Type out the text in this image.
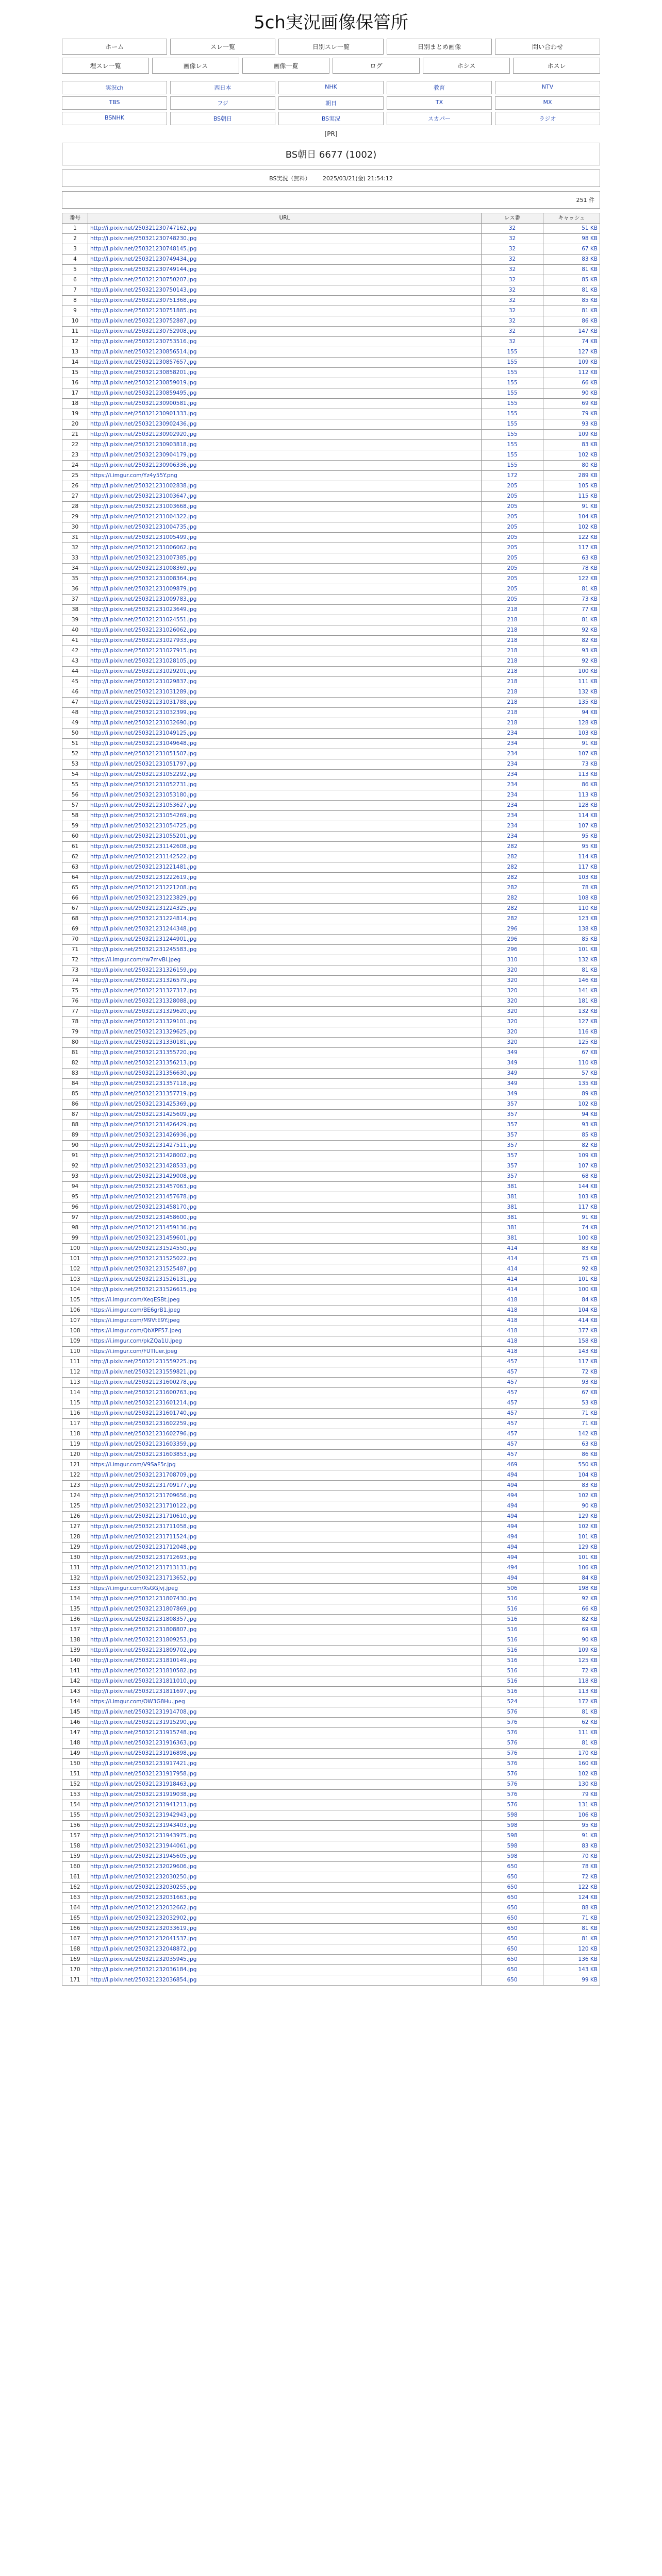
5ch実況画像保管所
ホーム	スレ一覧	日別スレ一覧	日別まとめ画像	問い合わせ
埋スレ一覧	画像レス	画像一覧	ログ	ホシス	ホスレ
実況ch	西日本	NHK	教育	NTV
TBS	フジ	朝日	TX	MX
BSNHK	BS朝日	BS実況	スカパー	ラジオ
[PR]
BS朝日 6677 (1002)
BS実況（無料） 2025/03/21(金) 21:54:12
251 件
番号	URL	レス番	キャッシュ
1	http://i.pixiv.net/250321230747162.jpg	32	51 KB
2	http://i.pixiv.net/250321230748230.jpg	32	98 KB
3	http://i.pixiv.net/250321230748145.jpg	32	67 KB
4	http://i.pixiv.net/250321230749434.jpg	32	83 KB
5	http://i.pixiv.net/250321230749144.jpg	32	81 KB
6	http://i.pixiv.net/250321230750207.jpg	32	85 KB
7	http://i.pixiv.net/250321230750143.jpg	32	81 KB
8	http://i.pixiv.net/250321230751368.jpg	32	85 KB
9	http://i.pixiv.net/250321230751885.jpg	32	81 KB
10	http://i.pixiv.net/250321230752887.jpg	32	86 KB
11	http://i.pixiv.net/250321230752908.jpg	32	147 KB
12	http://i.pixiv.net/250321230753516.jpg	32	74 KB
13	http://i.pixiv.net/250321230856514.jpg	155	127 KB
14	http://i.pixiv.net/250321230857657.jpg	155	109 KB
15	http://i.pixiv.net/250321230858201.jpg	155	112 KB
16	http://i.pixiv.net/250321230859019.jpg	155	66 KB
17	http://i.pixiv.net/250321230859495.jpg	155	90 KB
18	http://i.pixiv.net/250321230900581.jpg	155	69 KB
19	http://i.pixiv.net/250321230901333.jpg	155	79 KB
20	http://i.pixiv.net/250321230902436.jpg	155	93 KB
21	http://i.pixiv.net/250321230902920.jpg	155	109 KB
22	http://i.pixiv.net/250321230903818.jpg	155	83 KB
23	http://i.pixiv.net/250321230904179.jpg	155	102 KB
24	http://i.pixiv.net/250321230906336.jpg	155	80 KB
25	https://i.imgur.com/Yz4y55Y.png	172	289 KB
26	http://i.pixiv.net/250321231002838.jpg	205	105 KB
27	http://i.pixiv.net/250321231003647.jpg	205	115 KB
28	http://i.pixiv.net/250321231003668.jpg	205	91 KB
29	http://i.pixiv.net/250321231004322.jpg	205	104 KB
30	http://i.pixiv.net/250321231004735.jpg	205	102 KB
31	http://i.pixiv.net/250321231005499.jpg	205	122 KB
32	http://i.pixiv.net/250321231006062.jpg	205	117 KB
33	http://i.pixiv.net/250321231007385.jpg	205	63 KB
34	http://i.pixiv.net/250321231008369.jpg	205	78 KB
35	http://i.pixiv.net/250321231008364.jpg	205	122 KB
36	http://i.pixiv.net/250321231009879.jpg	205	81 KB
37	http://i.pixiv.net/250321231009783.jpg	205	73 KB
38	http://i.pixiv.net/250321231023649.jpg	218	77 KB
39	http://i.pixiv.net/250321231024551.jpg	218	81 KB
40	http://i.pixiv.net/250321231026062.jpg	218	92 KB
41	http://i.pixiv.net/250321231027933.jpg	218	82 KB
42	http://i.pixiv.net/250321231027915.jpg	218	93 KB
43	http://i.pixiv.net/250321231028105.jpg	218	92 KB
44	http://i.pixiv.net/250321231029201.jpg	218	100 KB
45	http://i.pixiv.net/250321231029837.jpg	218	111 KB
46	http://i.pixiv.net/250321231031289.jpg	218	132 KB
47	http://i.pixiv.net/250321231031788.jpg	218	135 KB
48	http://i.pixiv.net/250321231032399.jpg	218	94 KB
49	http://i.pixiv.net/250321231032690.jpg	218	128 KB
50	http://i.pixiv.net/250321231049125.jpg	234	103 KB
51	http://i.pixiv.net/250321231049648.jpg	234	91 KB
52	http://i.pixiv.net/250321231051507.jpg	234	107 KB
53	http://i.pixiv.net/250321231051797.jpg	234	73 KB
54	http://i.pixiv.net/250321231052292.jpg	234	113 KB
55	http://i.pixiv.net/250321231052731.jpg	234	86 KB
56	http://i.pixiv.net/250321231053180.jpg	234	113 KB
57	http://i.pixiv.net/250321231053627.jpg	234	128 KB
58	http://i.pixiv.net/250321231054269.jpg	234	114 KB
59	http://i.pixiv.net/250321231054725.jpg	234	107 KB
60	http://i.pixiv.net/250321231055201.jpg	234	95 KB
61	http://i.pixiv.net/250321231142608.jpg	282	95 KB
62	http://i.pixiv.net/250321231142522.jpg	282	114 KB
63	http://i.pixiv.net/250321231221481.jpg	282	117 KB
64	http://i.pixiv.net/250321231222619.jpg	282	103 KB
65	http://i.pixiv.net/250321231221208.jpg	282	78 KB
66	http://i.pixiv.net/250321231223829.jpg	282	108 KB
67	http://i.pixiv.net/250321231224325.jpg	282	110 KB
68	http://i.pixiv.net/250321231224814.jpg	282	123 KB
69	http://i.pixiv.net/250321231244348.jpg	296	138 KB
70	http://i.pixiv.net/250321231244901.jpg	296	85 KB
71	http://i.pixiv.net/250321231245583.jpg	296	101 KB
72	https://i.imgur.com/rw7mvBl.jpeg	310	132 KB
73	http://i.pixiv.net/250321231326159.jpg	320	81 KB
74	http://i.pixiv.net/250321231326579.jpg	320	146 KB
75	http://i.pixiv.net/250321231327317.jpg	320	141 KB
76	http://i.pixiv.net/250321231328088.jpg	320	181 KB
77	http://i.pixiv.net/250321231329620.jpg	320	132 KB
78	http://i.pixiv.net/250321231329101.jpg	320	127 KB
79	http://i.pixiv.net/250321231329625.jpg	320	116 KB
80	http://i.pixiv.net/250321231330181.jpg	320	125 KB
81	http://i.pixiv.net/250321231355720.jpg	349	67 KB
82	http://i.pixiv.net/250321231356213.jpg	349	110 KB
83	http://i.pixiv.net/250321231356630.jpg	349	57 KB
84	http://i.pixiv.net/250321231357118.jpg	349	135 KB
85	http://i.pixiv.net/250321231357719.jpg	349	89 KB
86	http://i.pixiv.net/250321231425369.jpg	357	102 KB
87	http://i.pixiv.net/250321231425609.jpg	357	94 KB
88	http://i.pixiv.net/250321231426429.jpg	357	93 KB
89	http://i.pixiv.net/250321231426936.jpg	357	85 KB
90	http://i.pixiv.net/250321231427511.jpg	357	82 KB
91	http://i.pixiv.net/250321231428002.jpg	357	109 KB
92	http://i.pixiv.net/250321231428533.jpg	357	107 KB
93	http://i.pixiv.net/250321231429008.jpg	357	68 KB
94	http://i.pixiv.net/250321231457063.jpg	381	144 KB
95	http://i.pixiv.net/250321231457678.jpg	381	103 KB
96	http://i.pixiv.net/250321231458170.jpg	381	117 KB
97	http://i.pixiv.net/250321231458600.jpg	381	91 KB
98	http://i.pixiv.net/250321231459136.jpg	381	74 KB
99	http://i.pixiv.net/250321231459601.jpg	381	100 KB
100	http://i.pixiv.net/250321231524550.jpg	414	83 KB
101	http://i.pixiv.net/250321231525022.jpg	414	75 KB
102	http://i.pixiv.net/250321231525487.jpg	414	92 KB
103	http://i.pixiv.net/250321231526131.jpg	414	101 KB
104	http://i.pixiv.net/250321231526615.jpg	414	100 KB
105	https://i.imgur.com/XeqESBt.jpeg	418	84 KB
106	https://i.imgur.com/BE6grB1.jpeg	418	104 KB
107	https://i.imgur.com/M9VtE9Y.jpeg	418	414 KB
108	https://i.imgur.com/QbXPF57.jpeg	418	377 KB
109	https://i.imgur.com/pkZQa1U.jpeg	418	158 KB
110	https://i.imgur.com/FUTIuer.jpeg	418	143 KB
111	http://i.pixiv.net/250321231559225.jpg	457	117 KB
112	http://i.pixiv.net/250321231559821.jpg	457	72 KB
113	http://i.pixiv.net/250321231600278.jpg	457	93 KB
114	http://i.pixiv.net/250321231600763.jpg	457	67 KB
115	http://i.pixiv.net/250321231601214.jpg	457	53 KB
116	http://i.pixiv.net/250321231601740.jpg	457	71 KB
117	http://i.pixiv.net/250321231602259.jpg	457	71 KB
118	http://i.pixiv.net/250321231602796.jpg	457	142 KB
119	http://i.pixiv.net/250321231603359.jpg	457	63 KB
120	http://i.pixiv.net/250321231603853.jpg	457	86 KB
121	https://i.imgur.com/V9SaF5r.jpg	469	550 KB
122	http://i.pixiv.net/250321231708709.jpg	494	104 KB
123	http://i.pixiv.net/250321231709177.jpg	494	83 KB
124	http://i.pixiv.net/250321231709656.jpg	494	102 KB
125	http://i.pixiv.net/250321231710122.jpg	494	90 KB
126	http://i.pixiv.net/250321231710610.jpg	494	129 KB
127	http://i.pixiv.net/250321231711058.jpg	494	102 KB
128	http://i.pixiv.net/250321231711524.jpg	494	101 KB
129	http://i.pixiv.net/250321231712048.jpg	494	129 KB
130	http://i.pixiv.net/250321231712693.jpg	494	101 KB
131	http://i.pixiv.net/250321231713133.jpg	494	106 KB
132	http://i.pixiv.net/250321231713652.jpg	494	84 KB
133	https://i.imgur.com/XsGGJvj.jpeg	506	198 KB
134	http://i.pixiv.net/250321231807430.jpg	516	92 KB
135	http://i.pixiv.net/250321231807869.jpg	516	66 KB
136	http://i.pixiv.net/250321231808357.jpg	516	82 KB
137	http://i.pixiv.net/250321231808807.jpg	516	69 KB
138	http://i.pixiv.net/250321231809253.jpg	516	90 KB
139	http://i.pixiv.net/250321231809702.jpg	516	109 KB
140	http://i.pixiv.net/250321231810149.jpg	516	125 KB
141	http://i.pixiv.net/250321231810582.jpg	516	72 KB
142	http://i.pixiv.net/250321231811010.jpg	516	118 KB
143	http://i.pixiv.net/250321231811697.jpg	516	113 KB
144	https://i.imgur.com/OW3G8Hu.jpeg	524	172 KB
145	http://i.pixiv.net/250321231914708.jpg	576	81 KB
146	http://i.pixiv.net/250321231915290.jpg	576	62 KB
147	http://i.pixiv.net/250321231915748.jpg	576	111 KB
148	http://i.pixiv.net/250321231916363.jpg	576	81 KB
149	http://i.pixiv.net/250321231916898.jpg	576	170 KB
150	http://i.pixiv.net/250321231917421.jpg	576	160 KB
151	http://i.pixiv.net/250321231917958.jpg	576	102 KB
152	http://i.pixiv.net/250321231918463.jpg	576	130 KB
153	http://i.pixiv.net/250321231919038.jpg	576	79 KB
154	http://i.pixiv.net/250321231941213.jpg	576	131 KB
155	http://i.pixiv.net/250321231942943.jpg	598	106 KB
156	http://i.pixiv.net/250321231943403.jpg	598	95 KB
157	http://i.pixiv.net/250321231943975.jpg	598	91 KB
158	http://i.pixiv.net/250321231944061.jpg	598	83 KB
159	http://i.pixiv.net/250321231945605.jpg	598	70 KB
160	http://i.pixiv.net/250321232029606.jpg	650	78 KB
161	http://i.pixiv.net/250321232030250.jpg	650	72 KB
162	http://i.pixiv.net/250321232030255.jpg	650	122 KB
163	http://i.pixiv.net/250321232031663.jpg	650	124 KB
164	http://i.pixiv.net/250321232032662.jpg	650	88 KB
165	http://i.pixiv.net/250321232032902.jpg	650	71 KB
166	http://i.pixiv.net/250321232033619.jpg	650	81 KB
167	http://i.pixiv.net/250321232041537.jpg	650	81 KB
168	http://i.pixiv.net/250321232048872.jpg	650	120 KB
169	http://i.pixiv.net/250321232035945.jpg	650	136 KB
170	http://i.pixiv.net/250321232036184.jpg	650	143 KB
171	http://i.pixiv.net/250321232036854.jpg	650	99 KB
